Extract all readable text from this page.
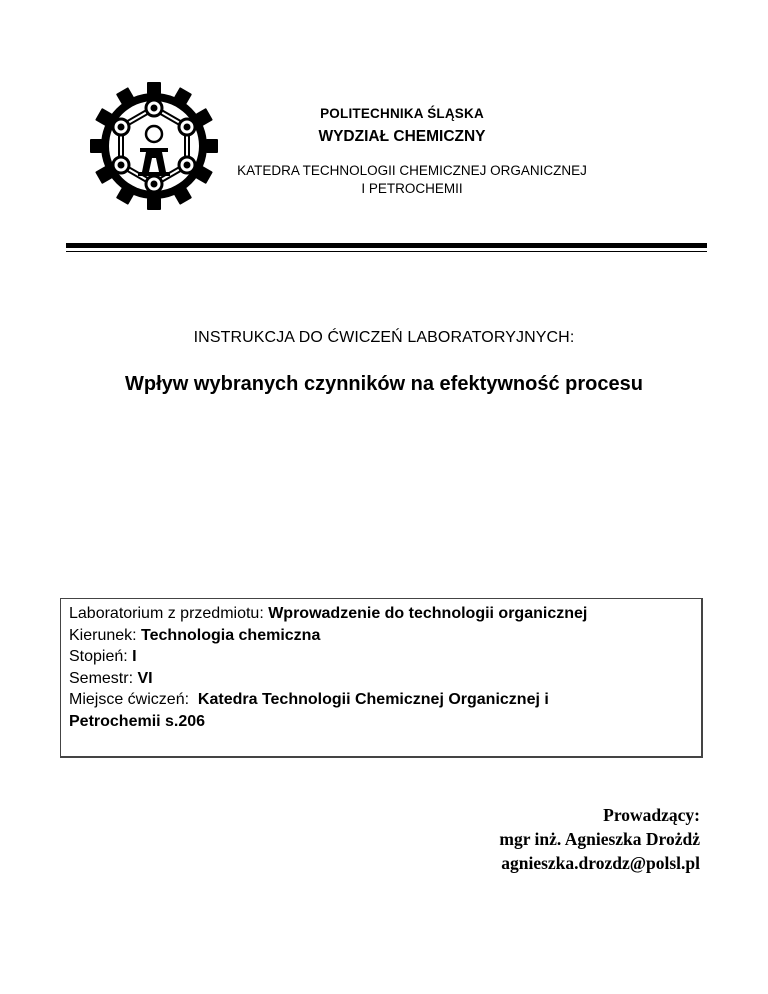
POLITECHNIKA ŚLĄSKA
WYDZIAŁ CHEMICZNY
KATEDRA TECHNOLOGII CHEMICZNEJ ORGANICZNEJ
I PETROCHEMII
INSTRUKCJA DO ĆWICZEŃ LABORATORYJNYCH:
Wpływ wybranych czynników na efektywność procesu
Laboratorium z przedmiotu: Wprowadzenie do technologii organicznej
Kierunek: Technologia chemiczna
Stopień: I
Semestr: VI
Miejsce ćwiczeń:  Katedra Technologii Chemicznej Organicznej i
Petrochemii s.206
Prowadzący:
mgr inż. Agnieszka Drożdż
agnieszka.drozdz@polsl.pl
